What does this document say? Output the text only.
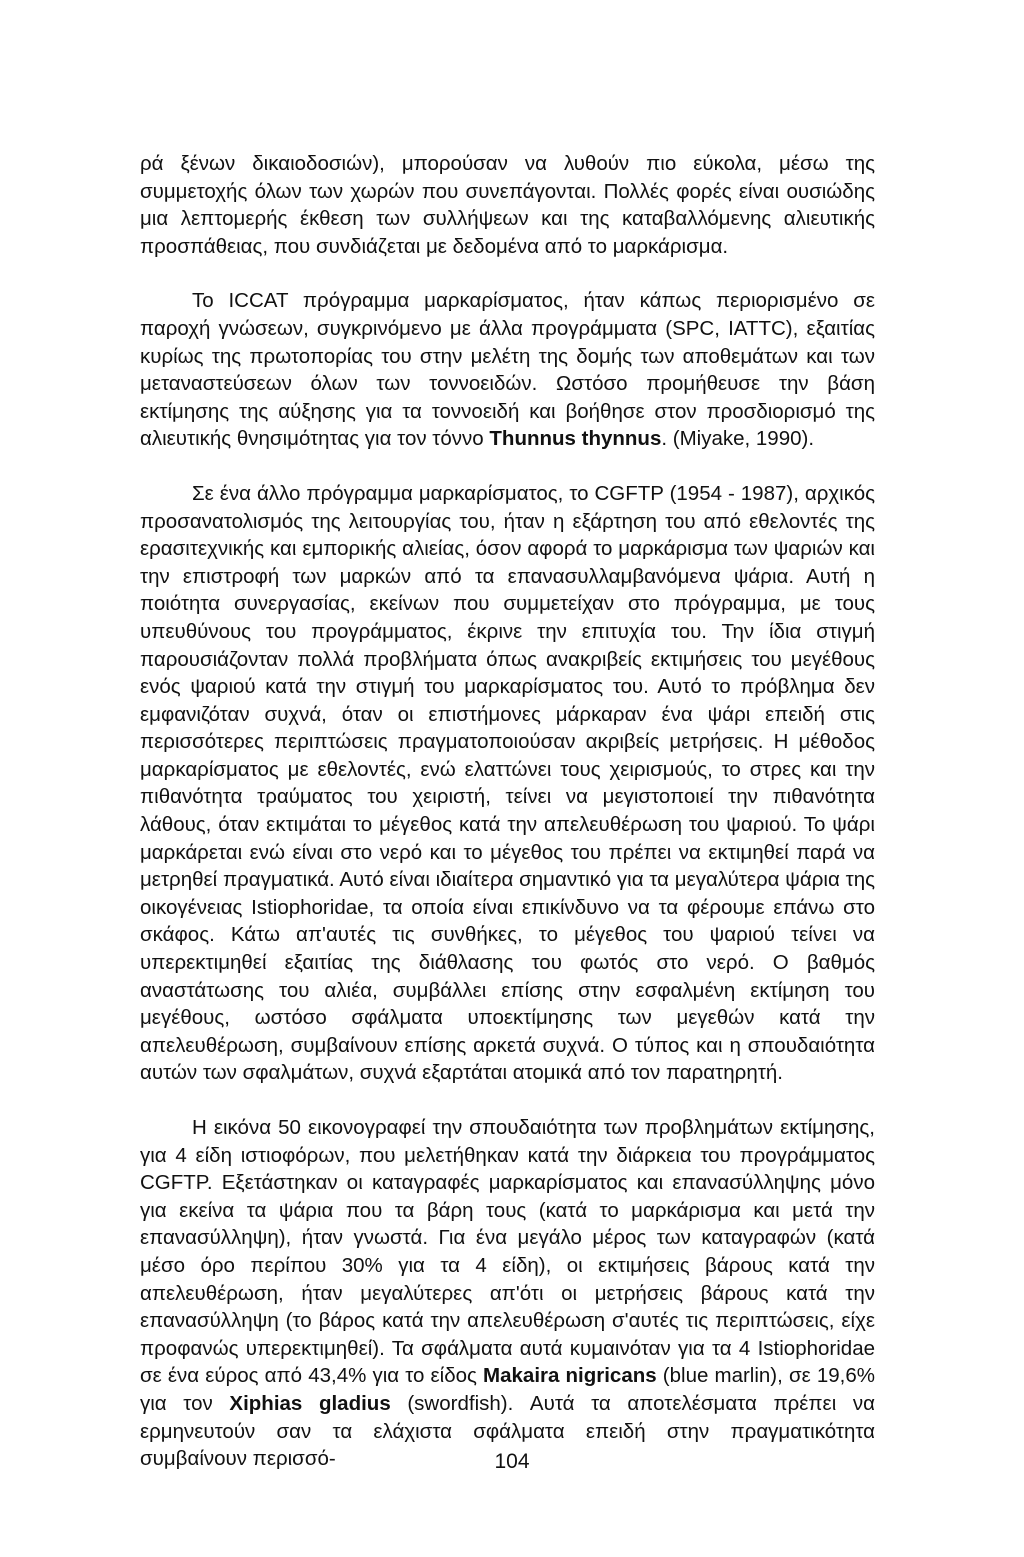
ρά ξένων δικαιοδοσιών), μπορούσαν να λυθούν πιο εύκολα, μέσω της συμμετοχής όλων των χωρών που συνεπάγονται. Πολλές φορές είναι ουσιώδης μια λεπτομερής έκθεση των συλλήψεων και της καταβαλλόμενης αλιευτικής προσπάθειας, που συνδιάζεται με δεδομένα από το μαρκάρισμα.

Το ICCAT πρόγραμμα μαρκαρίσματος, ήταν κάπως περιορισμένο σε παροχή γνώσεων, συγκρινόμενο με άλλα προγράμματα (SPC, IATTC), εξαιτίας κυρίως της πρωτοπορίας του στην μελέτη της δομής των αποθεμάτων και των μεταναστεύσεων όλων των τοννοειδών. Ωστόσο προμήθευσε την βάση εκτίμησης της αύξησης για τα τοννοειδή και βοήθησε στον προσδιορισμό της αλιευτικής θνησιμότητας για τον τόννο Thunnus thynnus. (Miyake, 1990).

Σε ένα άλλο πρόγραμμα μαρκαρίσματος, το CGFTP (1954 - 1987), αρχικός προσανατολισμός της λειτουργίας του, ήταν η εξάρτηση του από εθελοντές της ερασιτεχνικής και εμπορικής αλιείας, όσον αφορά το μαρκάρισμα των ψαριών και την επιστροφή των μαρκών από τα επανασυλλαμβανόμενα ψάρια. Αυτή η ποιότητα συνεργασίας, εκείνων που συμμετείχαν στο πρόγραμμα, με τους υπευθύνους του προγράμματος, έκρινε την επιτυχία του. Την ίδια στιγμή παρουσιάζονταν πολλά προβλήματα όπως ανακριβείς εκτιμήσεις του μεγέθους ενός ψαριού κατά την στιγμή του μαρκαρίσματος του. Αυτό το πρόβλημα δεν εμφανιζόταν συχνά, όταν οι επιστήμονες μάρκαραν ένα ψάρι επειδή στις περισσότερες περιπτώσεις πραγματοποιούσαν ακριβείς μετρήσεις. Η μέθοδος μαρκαρίσματος με εθελοντές, ενώ ελαττώνει τους χειρισμούς, το στρες και την πιθανότητα τραύματος του χειριστή, τείνει να μεγιστοποιεί την πιθανότητα λάθους, όταν εκτιμάται το μέγεθος κατά την απελευθέρωση του ψαριού. Το ψάρι μαρκάρεται ενώ είναι στο νερό και το μέγεθος του πρέπει να εκτιμηθεί παρά να μετρηθεί πραγματικά. Αυτό είναι ιδιαίτερα σημαντικό για τα μεγαλύτερα ψάρια της οικογένειας Istiophoridae, τα οποία είναι επικίνδυνο να τα φέρουμε επάνω στο σκάφος. Κάτω απ'αυτές τις συνθήκες, το μέγεθος του ψαριού τείνει να υπερεκτιμηθεί εξαιτίας της διάθλασης του φωτός στο νερό. Ο βαθμός αναστάτωσης του αλιέα, συμβάλλει επίσης στην εσφαλμένη εκτίμηση του μεγέθους, ωστόσο σφάλματα υποεκτίμησης των μεγεθών κατά την απελευθέρωση, συμβαίνουν επίσης αρκετά συχνά. Ο τύπος και η σπουδαιότητα αυτών των σφαλμάτων, συχνά εξαρτάται ατομικά από τον παρατηρητή.

Η εικόνα 50 εικονογραφεί την σπουδαιότητα των προβλημάτων εκτίμησης, για 4 είδη ιστιοφόρων, που μελετήθηκαν κατά την διάρκεια του προγράμματος CGFTP. Εξετάστηκαν οι καταγραφές μαρκαρίσματος και επανασύλληψης μόνο για εκείνα τα ψάρια που τα βάρη τους (κατά το μαρκάρισμα και μετά την επανασύλληψη), ήταν γνωστά. Για ένα μεγάλο μέρος των καταγραφών (κατά μέσο όρο περίπου 30% για τα 4 είδη), οι εκτιμήσεις βάρους κατά την απελευθέρωση, ήταν μεγαλύτερες απ'ότι οι μετρήσεις βάρους κατά την επανασύλληψη (το βάρος κατά την απελευθέρωση σ'αυτές τις περιπτώσεις, είχε προφανώς υπερεκτιμηθεί). Τα σφάλματα αυτά κυμαινόταν για τα 4 Istiophoridae σε ένα εύρος από 43,4% για το είδος Makaira nigricans (blue marlin), σε 19,6% για τον Xiphias gladius (swordfish). Αυτά τα αποτελέσματα πρέπει να ερμηνευτούν σαν τα ελάχιστα σφάλματα επειδή στην πραγματικότητα συμβαίνουν περισσό-	104
